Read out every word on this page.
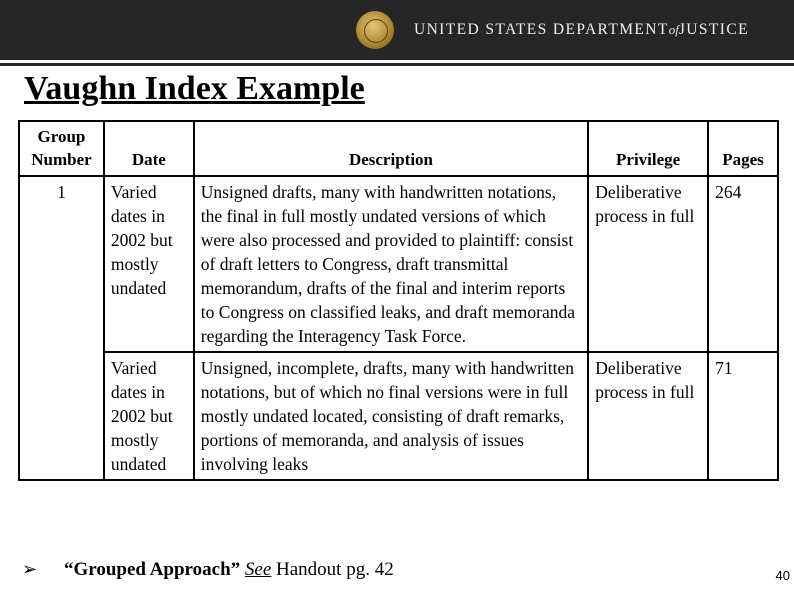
UNITED STATES DEPARTMENTofJUSTICE
Vaughn Index Example
Group Number	Date	Description	Privilege	Pages
1	Varied dates in 2002 but mostly undated	Unsigned drafts, many with handwritten notations, the final in full mostly undated versions of which were also processed and provided to plaintiff: consist of draft letters to Congress, draft transmittal memorandum, drafts of the final and interim reports to Congress on classified leaks, and draft memoranda regarding the Interagency Task Force.	Deliberative process in full	264
	Varied dates in 2002 but mostly undated	Unsigned, incomplete, drafts, many with handwritten notations, but of which no final versions were in full mostly undated located, consisting of draft remarks, portions of memoranda, and analysis of issues involving leaks	Deliberative process in full	71
➢ “Grouped Approach” See Handout pg. 42	40
